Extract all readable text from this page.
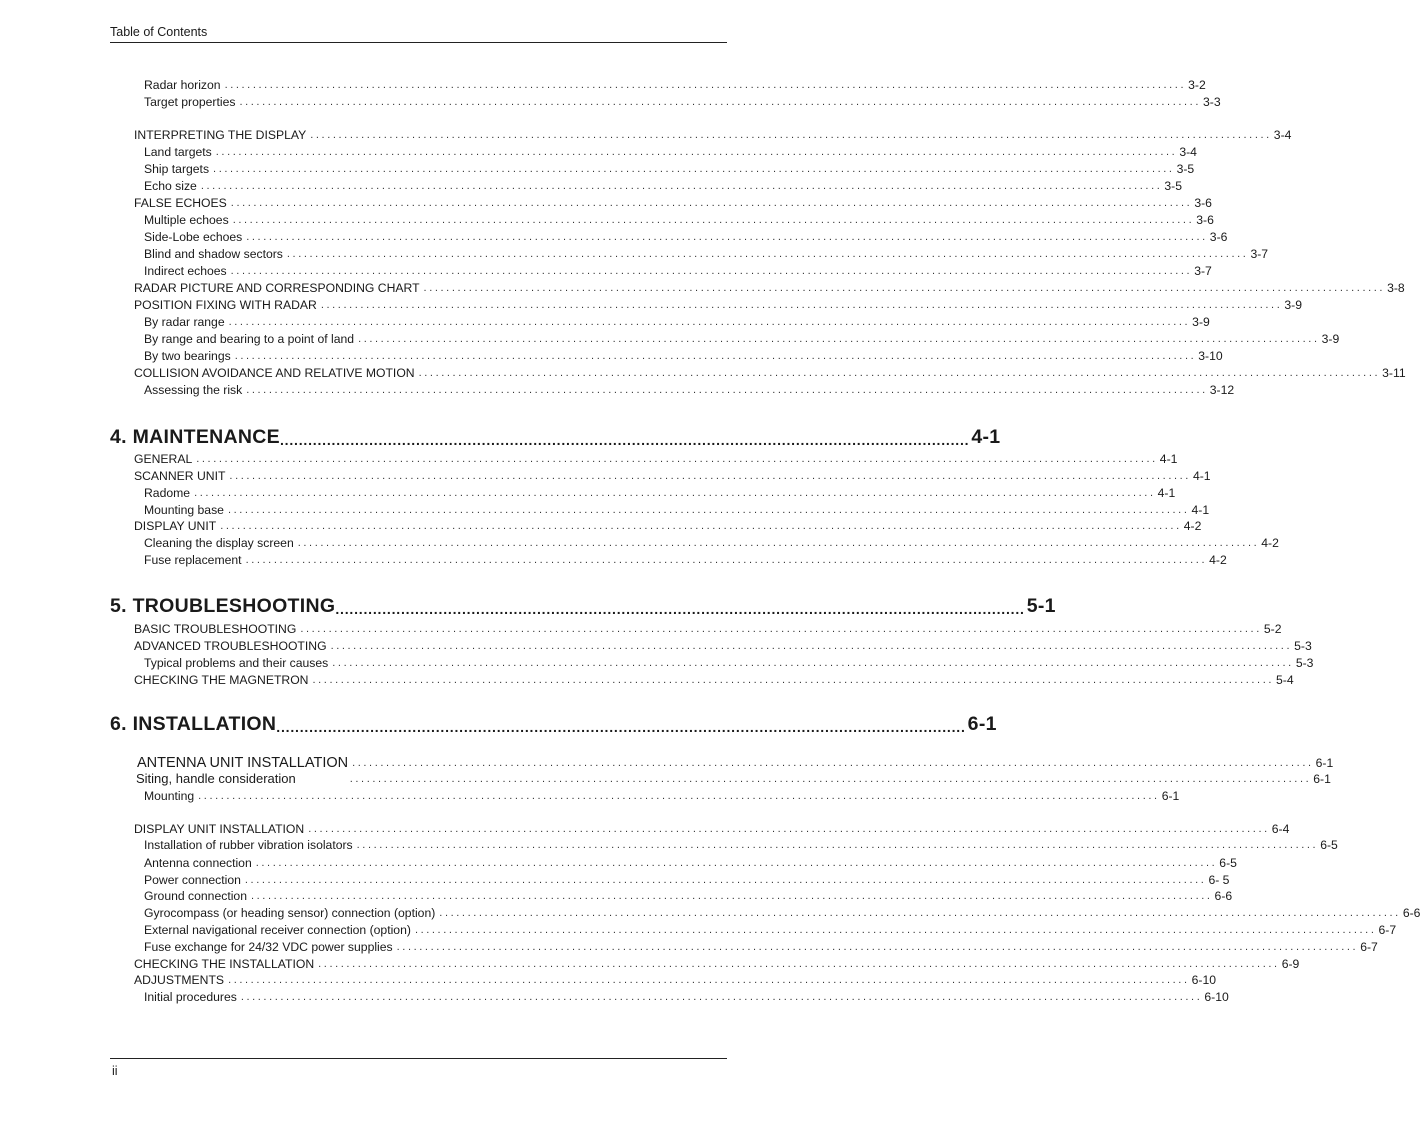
Table of Contents
Radar horizon .......................................................................................................................................................................... 3-2
Target properties .......................................................................................................................................................................... 3-3
INTERPRETING THE DISPLAY .......................................................................................................................................................................... 3-4
Land targets .......................................................................................................................................................................... 3-4
Ship targets .......................................................................................................................................................................... 3-5
Echo size .......................................................................................................................................................................... 3-5
FALSE ECHOES .......................................................................................................................................................................... 3-6
Multiple echoes .......................................................................................................................................................................... 3-6
Side-Lobe echoes .......................................................................................................................................................................... 3-6
Blind and shadow sectors .......................................................................................................................................................................... 3-7
Indirect echoes .......................................................................................................................................................................... 3-7
RADAR PICTURE AND CORRESPONDING CHART .......................................................................................................................................................................... 3-8
POSITION FIXING WITH RADAR .......................................................................................................................................................................... 3-9
By radar range .......................................................................................................................................................................... 3-9
By range and bearing to a point of land .......................................................................................................................................................................... 3-9
By two bearings .......................................................................................................................................................................... 3-10
COLLISION AVOIDANCE AND RELATIVE MOTION .......................................................................................................................................................................... 3-11
Assessing the risk .......................................................................................................................................................................... 3-12
4. MAINTENANCE ................................................................................................................................................... 4-1
GENERAL .......................................................................................................................................................................... 4-1
SCANNER UNIT .......................................................................................................................................................................... 4-1
Radome .......................................................................................................................................................................... 4-1
Mounting base .......................................................................................................................................................................... 4-1
DISPLAY UNIT .......................................................................................................................................................................... 4-2
Cleaning the display screen .......................................................................................................................................................................... 4-2
Fuse replacement .......................................................................................................................................................................... 4-2
5. TROUBLESHOOTING ................................................................................................................................................... 5-1
BASIC TROUBLESHOOTING .......................................................................................................................................................................... 5-2
ADVANCED TROUBLESHOOTING .......................................................................................................................................................................... 5-3
Typical problems and their causes .......................................................................................................................................................................... 5-3
CHECKING THE MAGNETRON .......................................................................................................................................................................... 5-4
6. INSTALLATION ................................................................................................................................................... 6-1
ANTENNA UNIT INSTALLATION .......................................................................................................................................................................... 6-1
Siting, handle consideration	.......................................................................................................................................................................... 6-1
Mounting .......................................................................................................................................................................... 6-1
DISPLAY UNIT INSTALLATION .......................................................................................................................................................................... 6-4
Installation of rubber vibration isolators .......................................................................................................................................................................... 6-5
Antenna connection .......................................................................................................................................................................... 6-5
Power connection .......................................................................................................................................................................... 6- 5
Ground connection .......................................................................................................................................................................... 6-6
Gyrocompass (or heading sensor) connection (option) .......................................................................................................................................................................... 6-6
External navigational receiver connection (option) .......................................................................................................................................................................... 6-7
Fuse exchange for 24/32 VDC power supplies .......................................................................................................................................................................... 6-7
CHECKING THE INSTALLATION .......................................................................................................................................................................... 6-9
ADJUSTMENTS .......................................................................................................................................................................... 6-10
Initial procedures .......................................................................................................................................................................... 6-10
ii
